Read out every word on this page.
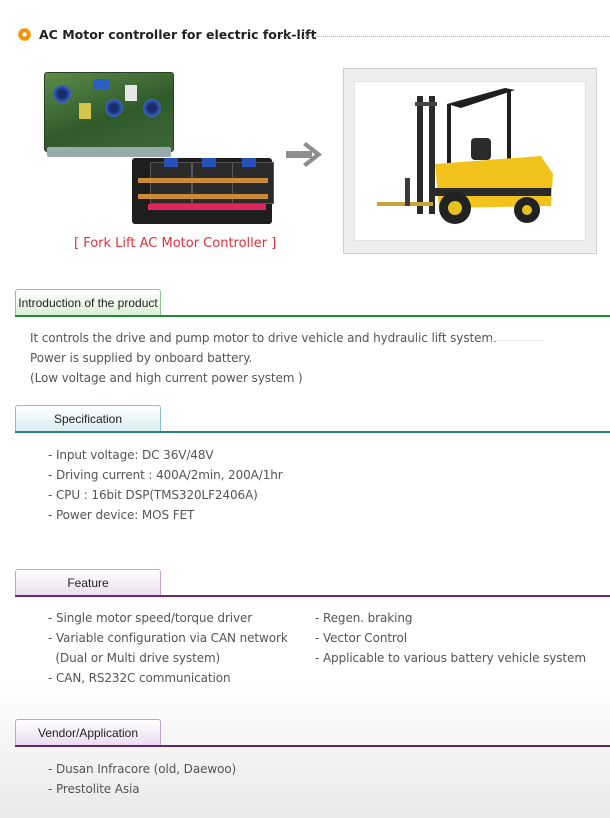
AC Motor controller for electric fork-lift
[ Fork Lift AC Motor Controller ]
Introduction of the product
It controls the drive and pump motor to drive vehicle and hydraulic lift system.
Power is supplied by onboard battery.
(Low voltage and high current power system )
Specification
- Input voltage: DC 36V/48V
- Driving current : 400A/2min, 200A/1hr
- CPU : 16bit DSP(TMS320LF2406A)
- Power device: MOS FET
Feature
- Single motor speed/torque driver
- Variable configuration via CAN network
(Dual or Multi drive system)
- CAN, RS232C communication
- Regen. braking
- Vector Control
- Applicable to various battery vehicle system
Vendor/Application
- Dusan Infracore (old, Daewoo)
- Prestolite Asia
